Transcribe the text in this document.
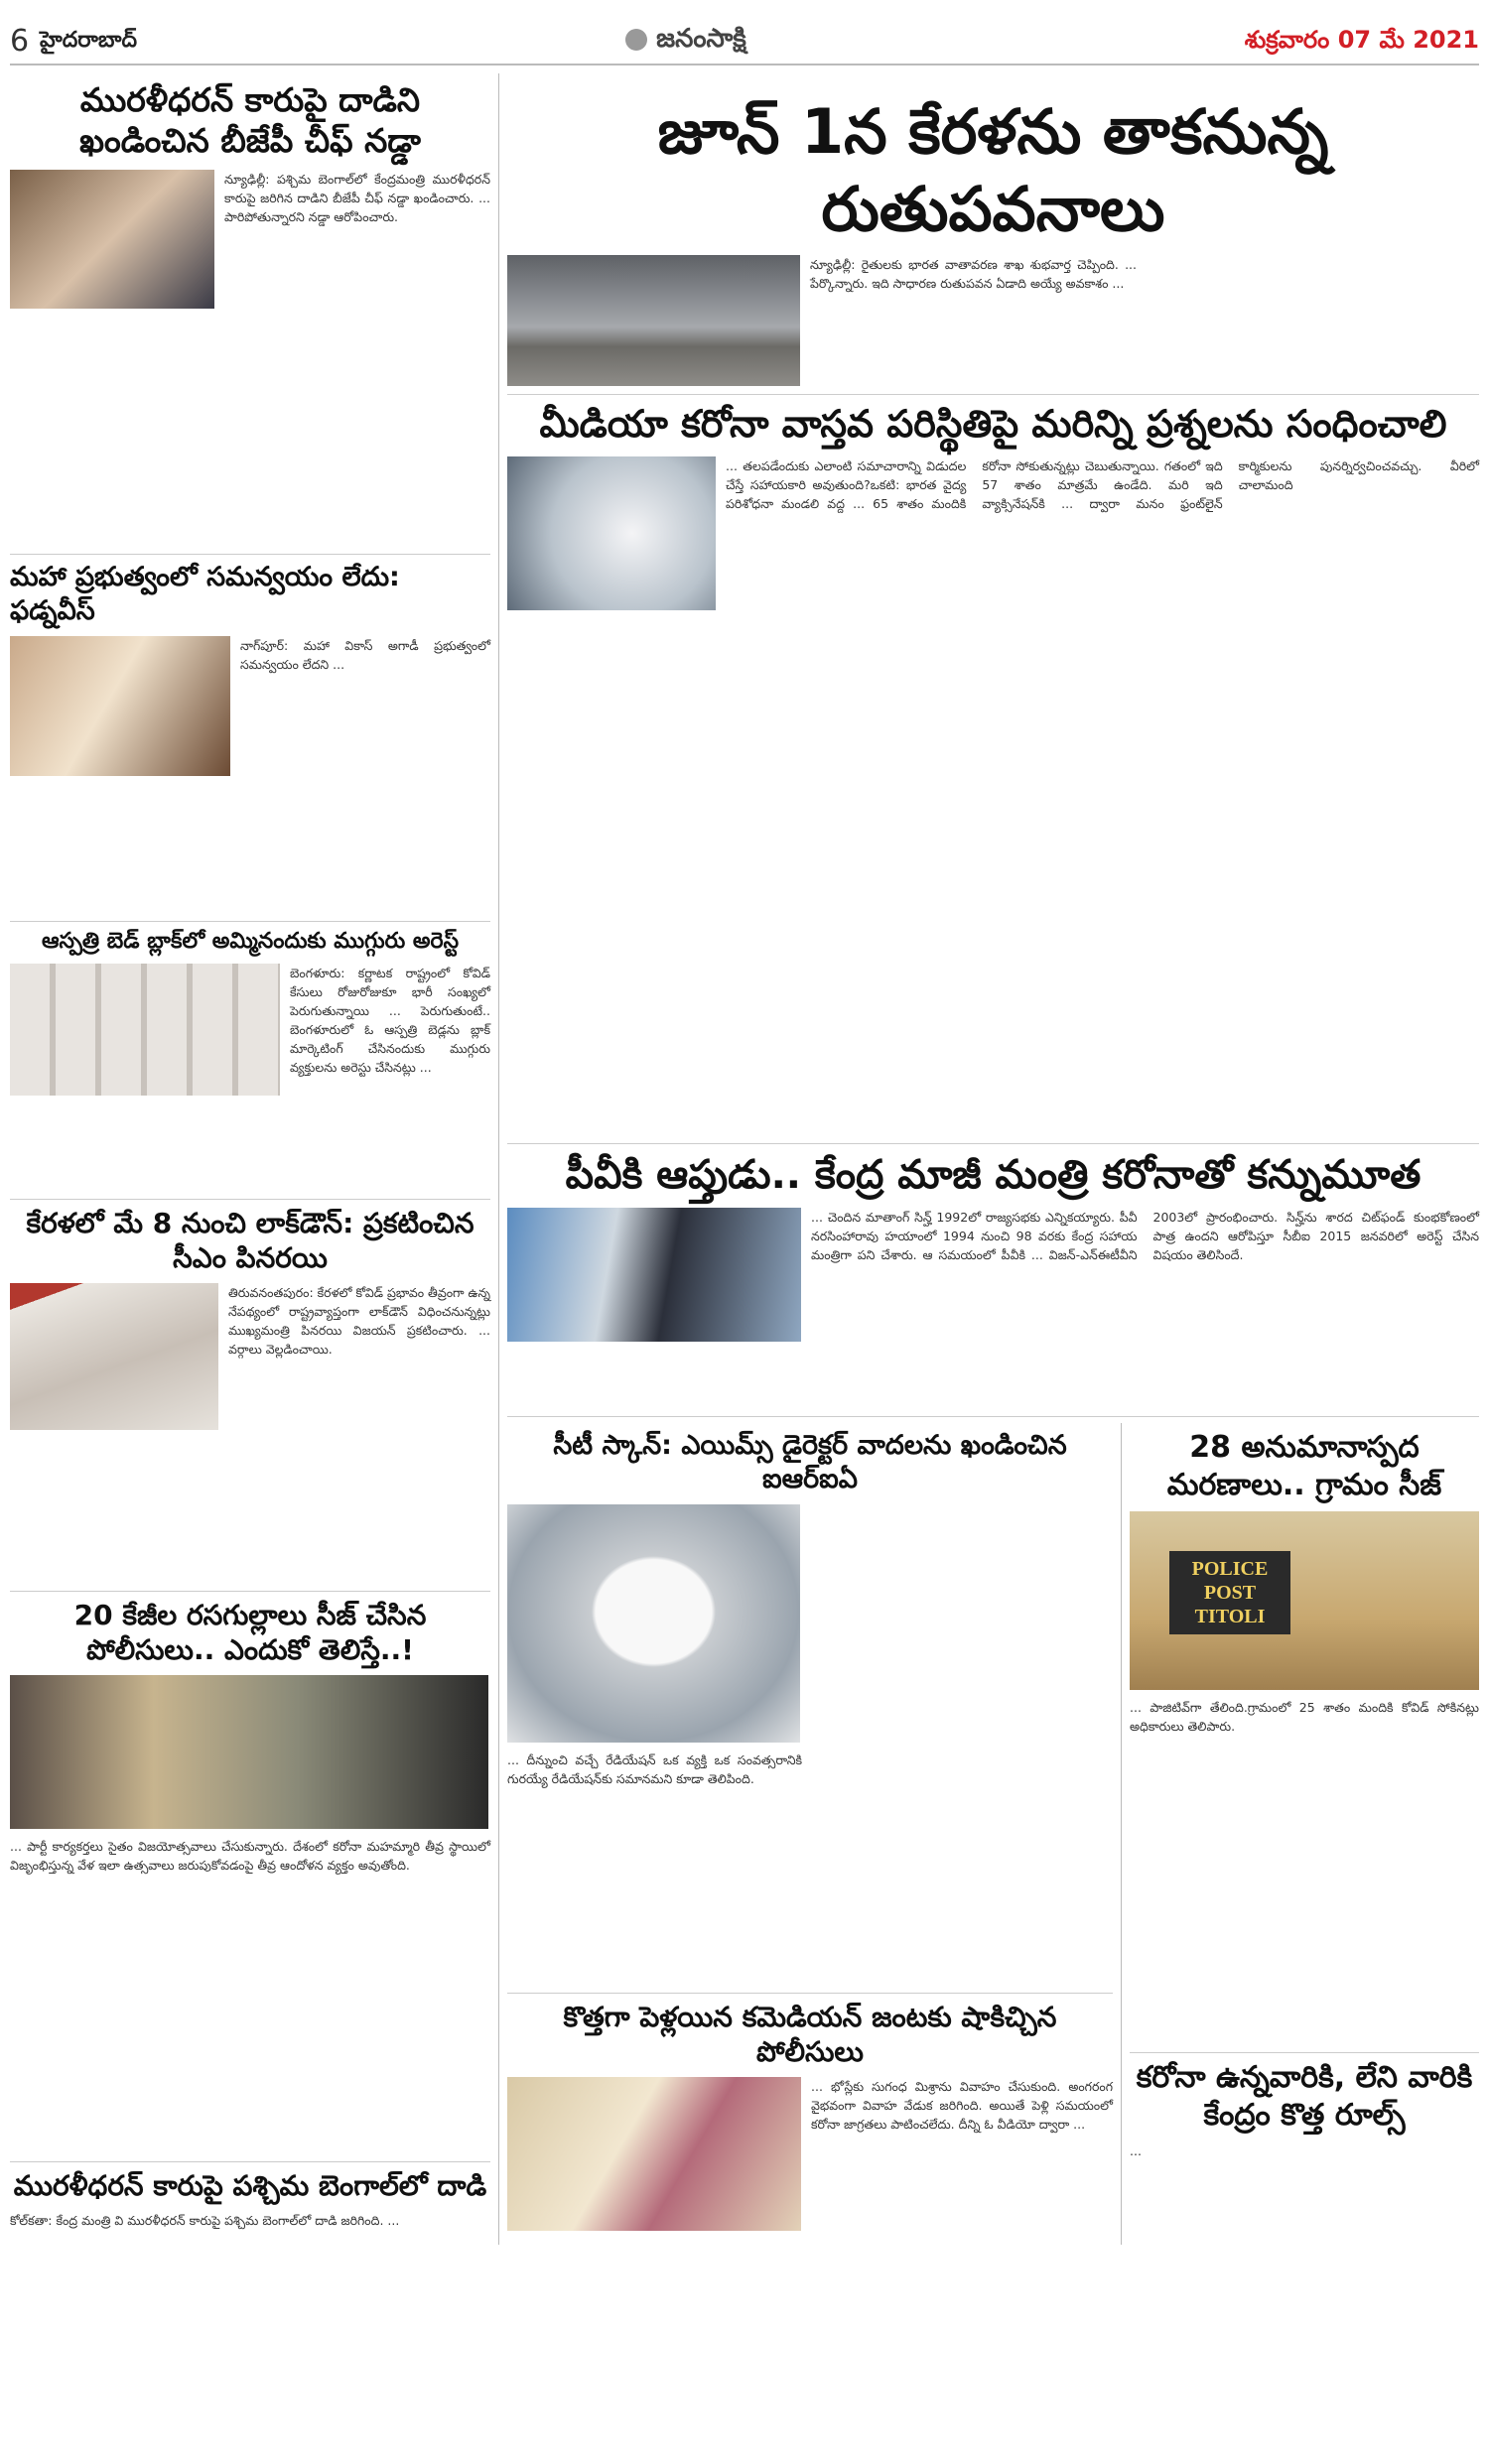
6 హైదరాబాద్	జనంసాక్షి	శుక్రవారం 07 మే 2021
మురళీధరన్ కారుపై దాడిని ఖండించిన బీజేపీ చీఫ్ నడ్డా
న్యూఢిల్లీ: పశ్చిమ బెంగాల్‌లో కేంద్రమంత్రి మురళీధరన్ కారుపై జరిగిన దాడిని బీజేపీ చీఫ్ నడ్డా ఖండించారు. ... పారిపోతున్నారని నడ్డా ఆరోపించారు.
మహా ప్రభుత్వంలో సమన్వయం లేదు: ఫడ్నవీస్
నాగ్‌పూర్: మహా వికాస్ అగాడీ ప్రభుత్వంలో సమన్వయం లేదని ...
ఆస్పత్రి బెడ్ బ్లాక్‌లో అమ్మినందుకు ముగ్గురు అరెస్ట్
బెంగళూరు: కర్ణాటక రాష్ట్రంలో కోవిడ్ కేసులు రోజురోజుకూ భారీ సంఖ్యలో పెరుగుతున్నాయి ... పెరుగుతుంటే.. బెంగళూరులో ఓ ఆస్పత్రి బెడ్లను బ్లాక్ మార్కెటింగ్ చేసినందుకు ముగ్గురు వ్యక్తులను అరెస్టు చేసినట్లు ...
కేరళలో మే 8 నుంచి లాక్‌డౌన్: ప్రకటించిన సీఎం పినరయి
తిరువనంతపురం: కేరళలో కోవిడ్ ప్రభావం తీవ్రంగా ఉన్న నేపథ్యంలో రాష్ట్రవ్యాప్తంగా లాక్‌డౌన్ విధించనున్నట్లు ముఖ్యమంత్రి పినరయి విజయన్ ప్రకటించారు. ... వర్గాలు వెల్లడించాయి.
20 కేజీల రసగుల్లాలు సీజ్ చేసిన పోలీసులు.. ఎందుకో తెలిస్తే..!
... పార్టీ కార్యకర్తలు సైతం విజయోత్సవాలు చేసుకున్నారు. దేశంలో కరోనా మహమ్మారి తీవ్ర స్థాయిలో విజృంభిస్తున్న వేళ ఇలా ఉత్సవాలు జరుపుకోవడంపై తీవ్ర ఆందోళన వ్యక్తం అవుతోంది.
మురళీధరన్ కారుపై పశ్చిమ బెంగాల్‌లో దాడి
కోల్‌కతా: కేంద్ర మంత్రి వి మురళీధరన్ కారుపై పశ్చిమ బెంగాల్‌లో దాడి జరిగింది. ...
జూన్ 1న కేరళను తాకనున్న రుతుపవనాలు
న్యూఢిల్లీ: రైతులకు భారత వాతావరణ శాఖ శుభవార్త చెప్పింది. ... పేర్కొన్నారు. ఇది సాధారణ రుతుపవన ఏడాది అయ్యే అవకాశం ...
మీడియా కరోనా వాస్తవ పరిస్థితిపై మరిన్ని ప్రశ్నలను సంధించాలి
... తలపడేందుకు ఎలాంటి సమాచారాన్ని విడుదల చేస్తే సహాయకారి అవుతుంది?ఒకటి: భారత వైద్య పరిశోధనా మండలి వద్ద ... 65 శాతం మందికి కరోనా సోకుతున్నట్లు చెబుతున్నాయి. గతంలో ఇది 57 శాతం మాత్రమే ఉండేది. మరి ఇది వ్యాక్సినేషన్‌కి ... ద్వారా మనం ఫ్రంట్‌లైన్ కార్మికులను పునర్నిర్వచించవచ్చు. వీరిలో చాలామంది
పీవీకి ఆప్తుడు.. కేంద్ర మాజీ మంత్రి కరోనాతో కన్నుమూత
... చెందిన మాతాంగ్ సిన్హ్ 1992లో రాజ్యసభకు ఎన్నికయ్యారు. పీవీ నరసింహారావు హయాంలో 1994 నుంచి 98 వరకు కేంద్ర సహాయ మంత్రిగా పని చేశారు. ఆ సమయంలో పీవీకి ... విజన్-ఎన్ఈటీవీని 2003లో ప్రారంభించారు. సిన్హ్‌ను శారద చిట్‌ఫండ్ కుంభకోణంలో పాత్ర ఉందని ఆరోపిస్తూ సీబీఐ 2015 జనవరిలో అరెస్ట్ చేసిన విషయం తెలిసిందే.
సీటీ స్కాన్: ఎయిమ్స్ డైరెక్టర్ వాదలను ఖండించిన ఐఆర్ఐఏ
... దీన్నుంచి వచ్చే రేడియేషన్ ఒక వ్యక్తి ఒక సంవత్సరానికి గురయ్యే రేడియేషన్‌కు సమానమని కూడా తెలిపింది.
కొత్తగా పెళ్లయిన కమెడియన్ జంటకు షాకిచ్చిన పోలీసులు
... భోస్లేకు సుగంధ మిశ్రాను వివాహం చేసుకుంది. అంగరంగ వైభవంగా వివాహ వేడుక జరిగింది. అయితే పెళ్లి సమయంలో కరోనా జాగ్రతలు పాటించలేదు. దీన్ని ఓ వీడియో ద్వారా ...
28 అనుమానాస్పద మరణాలు.. గ్రామం సీజ్
POLICE POST TITOLI
... పాజిటివ్‌గా తేలింది.గ్రామంలో 25 శాతం మందికి కోవిడ్ సోకినట్లు అధికారులు తెలిపారు.
కరోనా ఉన్నవారికి, లేని వారికి కేంద్రం కొత్త రూల్స్
...
